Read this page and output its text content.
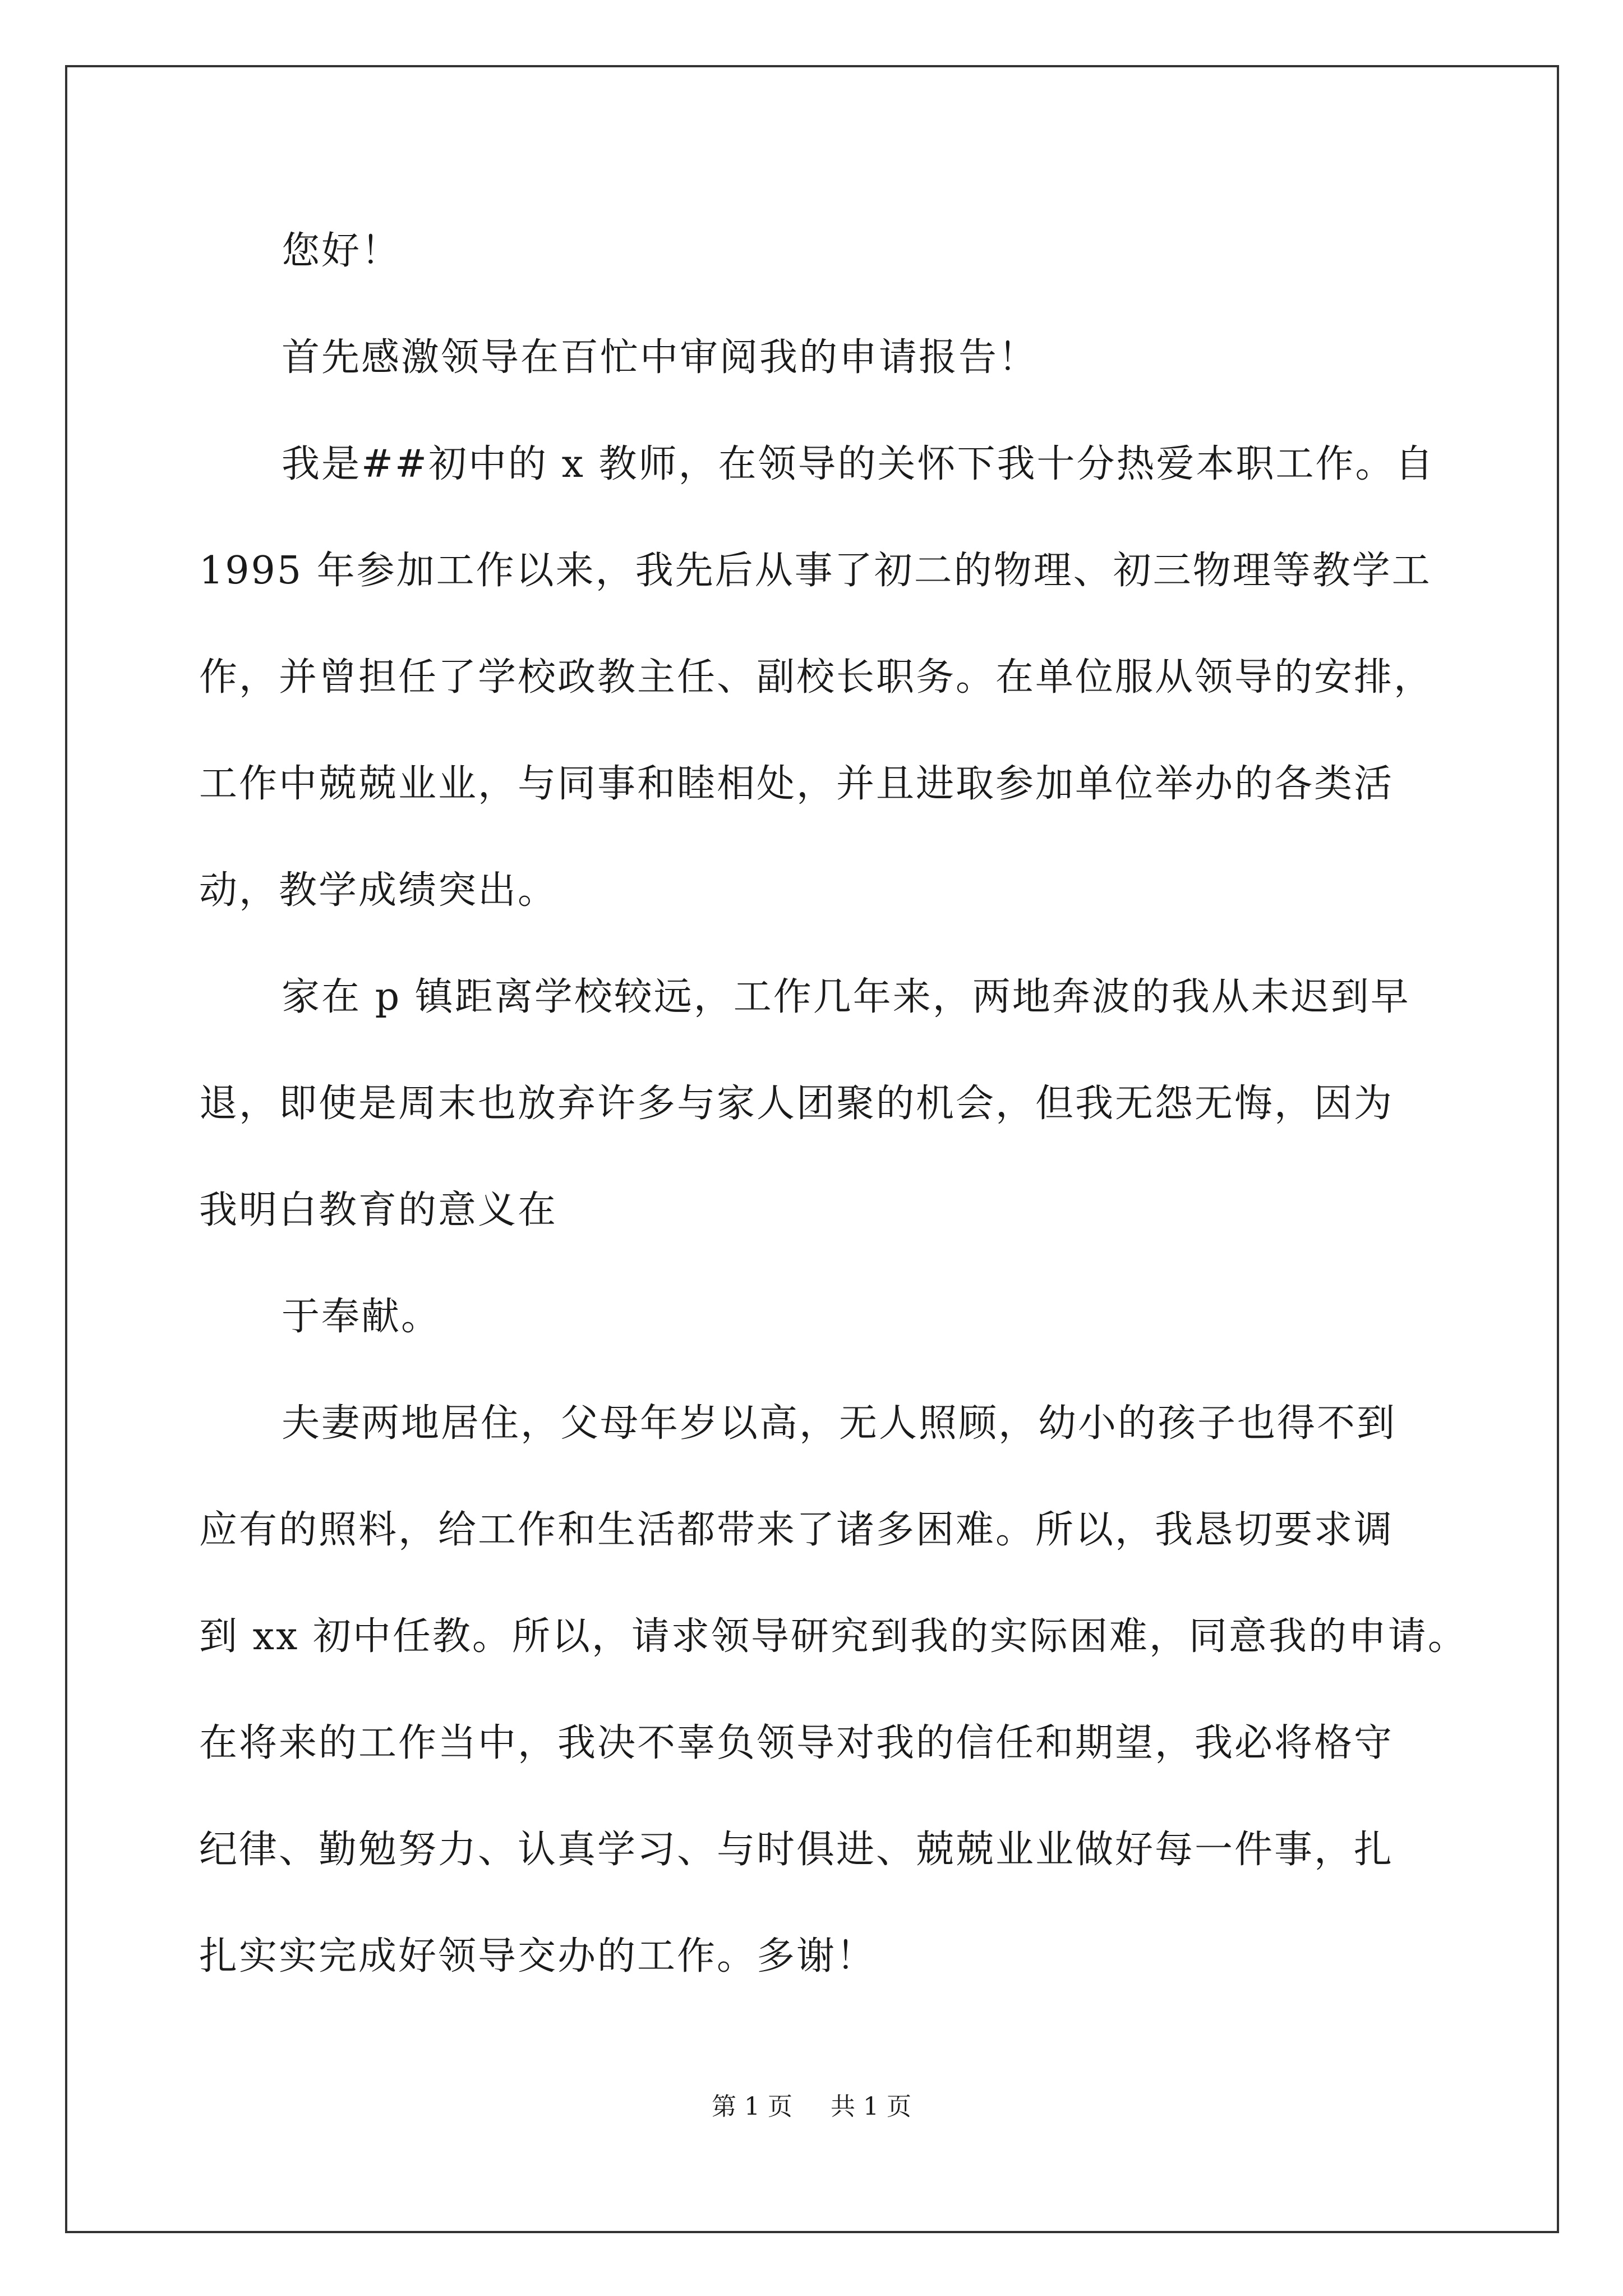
您好！
首先感激领导在百忙中审阅我的申请报告！
我是##初中的 x 教师，在领导的关怀下我十分热爱本职工作。自
1995 年参加工作以来，我先后从事了初二的物理、初三物理等教学工
作，并曾担任了学校政教主任、副校长职务。在单位服从领导的安排，
工作中兢兢业业，与同事和睦相处，并且进取参加单位举办的各类活
动，教学成绩突出。
家在 p 镇距离学校较远，工作几年来，两地奔波的我从未迟到早
退，即使是周末也放弃许多与家人团聚的机会，但我无怨无悔，因为
我明白教育的意义在
于奉献。
夫妻两地居住，父母年岁以高，无人照顾，幼小的孩子也得不到
应有的照料，给工作和生活都带来了诸多困难。所以，我恳切要求调
到 xx 初中任教。所以，请求领导研究到我的实际困难，同意我的申请。
在将来的工作当中，我决不辜负领导对我的信任和期望，我必将格守
纪律、勤勉努力、认真学习、与时俱进、兢兢业业做好每一件事，扎
扎实实完成好领导交办的工作。多谢！
第 1 页 共 1 页
